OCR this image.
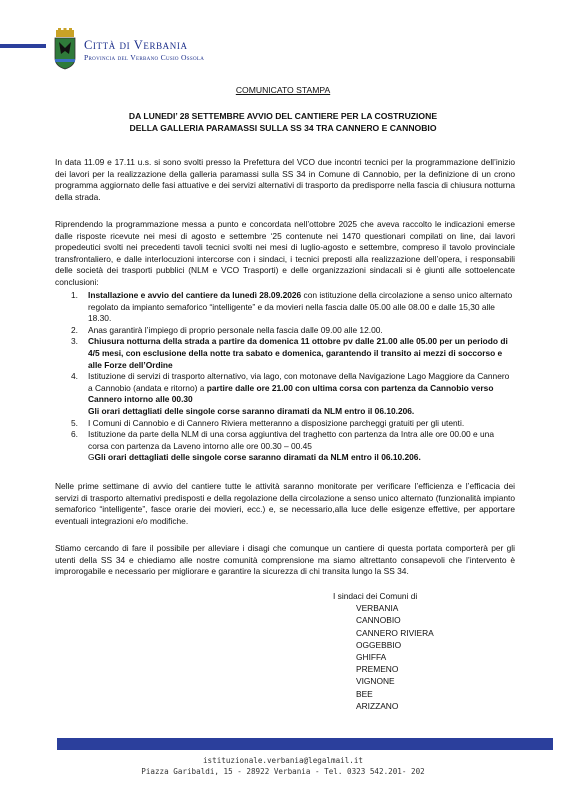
Città di Verbania
Provincia del Verbano Cusio Ossola
COMUNICATO STAMPA
DA LUNEDI’ 28 SETTEMBRE AVVIO DEL CANTIERE PER LA COSTRUZIONE
DELLA GALLERIA PARAMASSI SULLA SS 34 TRA CANNERO E CANNOBIO
In data 11.09 e 17.11 u.s. si sono svolti presso la Prefettura del VCO due incontri tecnici per la programmazione dell’inizio dei lavori per la realizzazione della galleria paramassi sulla SS 34 in Comune di Cannobio, per la definizione di un crono programma aggiornato delle fasi attuative e dei servizi alternativi di trasporto da predisporre nella fascia di chiusura notturna della strada.
Riprendendo la programmazione messa a punto e concordata nell’ottobre 2025 che aveva raccolto le indicazioni emerse dalle risposte ricevute nei mesi di agosto e settembre ‘25 contenute nei 1470 questionari compilati on line, dai lavori propedeutici svolti nei precedenti tavoli tecnici svolti nei mesi di luglio-agosto e settembre, compreso il tavolo provinciale transfrontaliero, e dalle interlocuzioni intercorse con i sindaci, i tecnici preposti alla realizzazione dell’opera, i responsabili delle società dei trasporti pubblici (NLM e VCO Trasporti) e delle organizzazioni sindacali si è giunti alle sottoelencate conclusioni:
1. Installazione e avvio del cantiere da lunedì 28.09.2026 con istituzione della circolazione a senso unico alternato regolato da impianto semaforico “intelligente” e da movieri nella fascia dalle 05.00 alle 08.00 e dalle 15,30 alle 18.30.
2. Anas garantirà l’impiego di proprio personale nella fascia dalle 09.00 alle 12.00.
3. Chiusura notturna della strada a partire da domenica 11 ottobre pv dalle 21.00 alle 05.00 per un periodo di 4/5 mesi, con esclusione della notte tra sabato e domenica, garantendo il transito ai mezzi di soccorso e alle Forze dell’Ordine
4. Istituzione di servizi di trasporto alternativo, via lago, con motonave della Navigazione Lago Maggiore da Cannero a Cannobio (andata e ritorno) a partire dalle ore 21.00 con ultima corsa con partenza da Cannobio verso Cannero intorno alle 00.30
Gli orari dettagliati delle singole corse saranno diramati da NLM entro il 06.10.206.
5. I Comuni di Cannobio e di Cannero Riviera metteranno a disposizione parcheggi gratuiti per gli utenti.
6. Istituzione da parte della NLM di una corsa aggiuntiva del traghetto con partenza da Intra alle ore 00.00 e una corsa con partenza da Laveno intorno alle ore 00.30 – 00.45
GGli orari dettagliati delle singole corse saranno diramati da NLM entro il 06.10.206.
Nelle prime settimane di avvio del cantiere tutte le attività saranno monitorate per verificare l’efficienza e l’efficacia dei servizi di trasporto alternativi predisposti e della regolazione della circolazione a senso unico alternato (funzionalità impianto semaforico “intelligente”, fasce orarie dei movieri, ecc.) e, se necessario,alla luce delle esigenze effettive, per apportare eventuali integrazioni e/o modifiche.
Stiamo cercando di fare il possibile per alleviare i disagi che comunque un cantiere di questa portata comporterà per gli utenti della SS 34 e chiediamo alle nostre comunità comprensione ma siamo altrettanto consapevoli che l’intervento è improrogabile e necessario per migliorare e garantire la sicurezza di chi transita lungo la SS 34.
I sindaci dei Comuni di
VERBANIA
CANNOBIO
CANNERO RIVIERA
OGGEBBIO
GHIFFA
PREMENO
VIGNONE
BEE
ARIZZANO
istituzionale.verbania@legalmail.it
Piazza Garibaldi, 15 - 28922 Verbania - Tel. 0323 542.201- 202
